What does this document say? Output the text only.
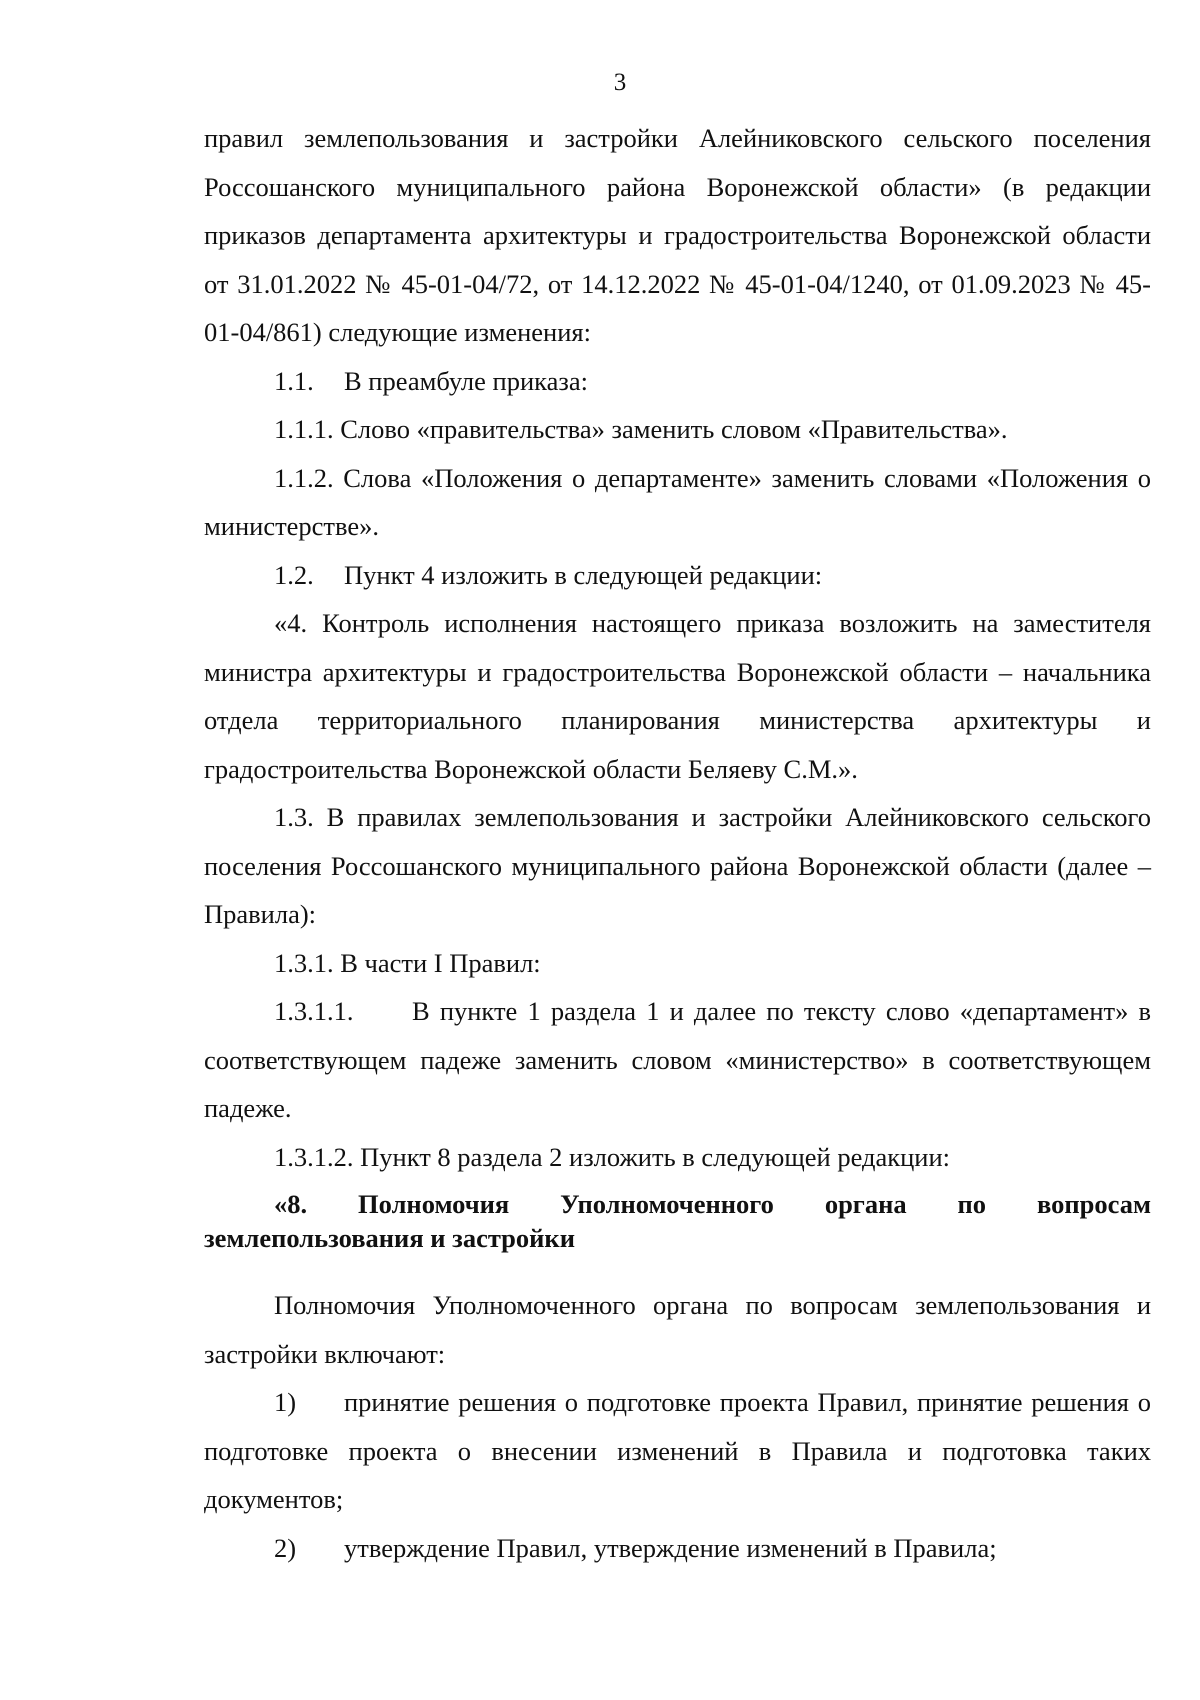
3

правил землепользования и застройки Алейниковского сельского поселения Россошанского муниципального района Воронежской области» (в редакции приказов департамента архитектуры и градостроительства Воронежской области от 31.01.2022 № 45-01-04/72, от 14.12.2022 № 45-01-04/1240, от 01.09.2023 № 45-01-04/861) следующие изменения:

1.1. В преамбуле приказа:

1.1.1. Слово «правительства» заменить словом «Правительства».

1.1.2. Слова «Положения о департаменте» заменить словами «Положения о министерстве».

1.2. Пункт 4 изложить в следующей редакции:

«4. Контроль исполнения настоящего приказа возложить на заместителя министра архитектуры и градостроительства Воронежской области – начальника отдела территориального планирования министерства архитектуры и градостроительства Воронежской области Беляеву С.М.».

1.3. В правилах землепользования и застройки Алейниковского сельского поселения Россошанского муниципального района Воронежской области (далее – Правила):

1.3.1. В части I Правил:

1.3.1.1. В пункте 1 раздела 1 и далее по тексту слово «департамент» в соответствующем падеже заменить словом «министерство» в соответствующем падеже.

1.3.1.2. Пункт 8 раздела 2 изложить в следующей редакции:

«8. Полномочия Уполномоченного органа по вопросам землепользования и застройки

Полномочия Уполномоченного органа по вопросам землепользования и застройки включают:

1) принятие решения о подготовке проекта Правил, принятие решения о подготовке проекта о внесении изменений в Правила и подготовка таких документов;

2) утверждение Правил, утверждение изменений в Правила;
